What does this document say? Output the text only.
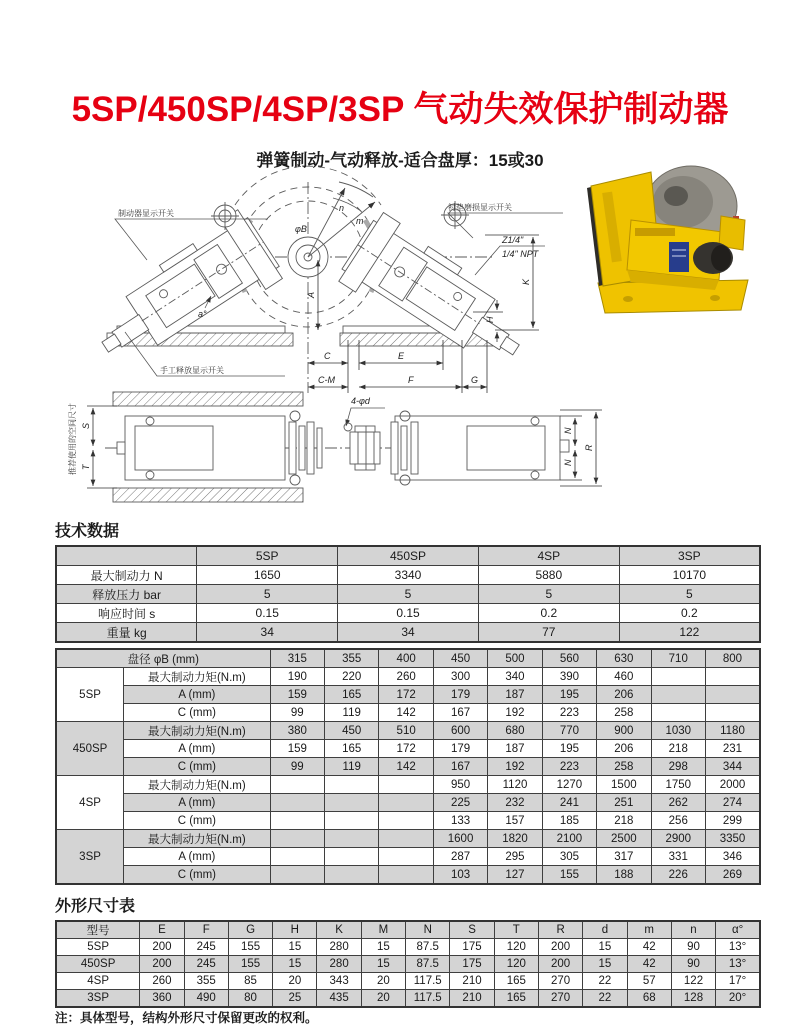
5SP/450SP/4SP/3SP 气动失效保护制动器
弹簧制动-气动释放-适合盘厚：15或30
制动器显示开关
衬垫磨损显示开关
手工释放显示开关
Z1/4"
1/4" NPT
φB
n
m
a°
4-φd
A
K
H
C	E
C-M	F	G
S
T
N
N
R
推荐使用的空间尺寸
技术数据
	5SP	450SP	4SP	3SP
最大制动力 N	1650	3340	5880	10170
释放压力 bar	5	5	5	5
响应时间 s	0.15	0.15	0.2	0.2
重量 kg	34	34	77	122
盘径 φB (mm)		315	355	400	450	500	560	630	710	800
5SP	最大制动力矩(N.m)	190	220	260	300	340	390	460		
	A (mm)	159	165	172	179	187	195	206		
	C (mm)	99	119	142	167	192	223	258		
450SP	最大制动力矩(N.m)	380	450	510	600	680	770	900	1030	1180
	A (mm)	159	165	172	179	187	195	206	218	231
	C (mm)	99	119	142	167	192	223	258	298	344
4SP	最大制动力矩(N.m)				950	1120	1270	1500	1750	2000
	A (mm)				225	232	241	251	262	274
	C (mm)				133	157	185	218	256	299
3SP	最大制动力矩(N.m)				1600	1820	2100	2500	2900	3350
	A (mm)				287	295	305	317	331	346
	C (mm)				103	127	155	188	226	269
外形尺寸表
型号	E	F	G	H	K	M	N	S	T	R	d	m	n	α°
5SP	200	245	155	15	280	15	87.5	175	120	200	15	42	90	13°
450SP	200	245	155	15	280	15	87.5	175	120	200	15	42	90	13°
4SP	260	355	85	20	343	20	117.5	210	165	270	22	57	122	17°
3SP	360	490	80	25	435	20	117.5	210	165	270	22	68	128	20°
注：具体型号，结构外形尺寸保留更改的权利。
